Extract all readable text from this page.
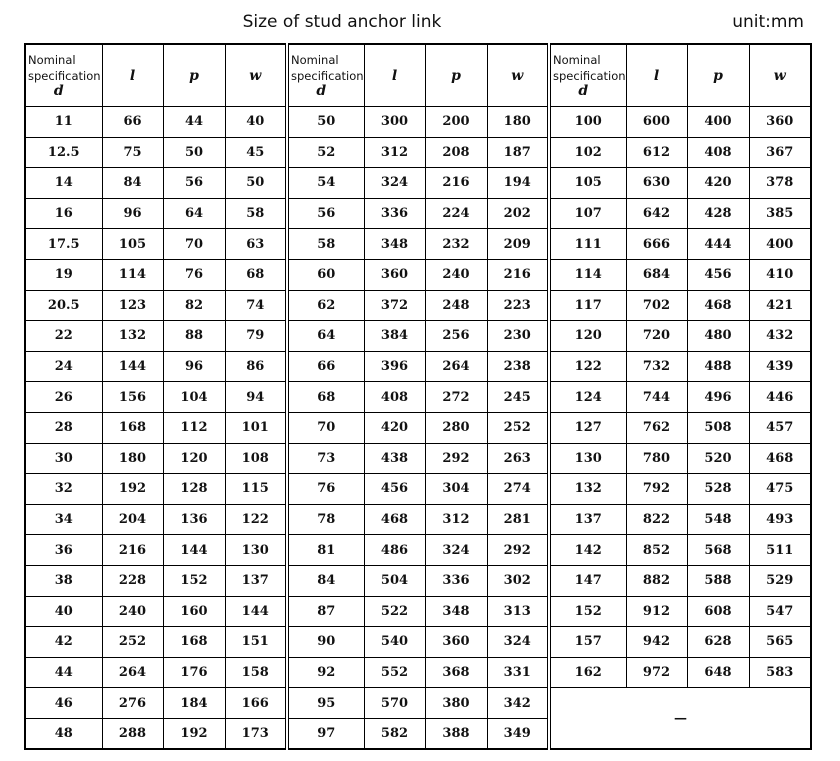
Size of stud anchor link	unit:mm
Nominal
specification
d	l	p	w	Nominal
specification
d	l	p	w	Nominal
specification
d	l	p	w
11	66	44	40	50	300	200	180	100	600	400	360
12.5	75	50	45	52	312	208	187	102	612	408	367
14	84	56	50	54	324	216	194	105	630	420	378
16	96	64	58	56	336	224	202	107	642	428	385
17.5	105	70	63	58	348	232	209	111	666	444	400
19	114	76	68	60	360	240	216	114	684	456	410
20.5	123	82	74	62	372	248	223	117	702	468	421
22	132	88	79	64	384	256	230	120	720	480	432
24	144	96	86	66	396	264	238	122	732	488	439
26	156	104	94	68	408	272	245	124	744	496	446
28	168	112	101	70	420	280	252	127	762	508	457
30	180	120	108	73	438	292	263	130	780	520	468
32	192	128	115	76	456	304	274	132	792	528	475
34	204	136	122	78	468	312	281	137	822	548	493
36	216	144	130	81	486	324	292	142	852	568	511
38	228	152	137	84	504	336	302	147	882	588	529
40	240	160	144	87	522	348	313	152	912	608	547
42	252	168	151	90	540	360	324	157	942	628	565
44	264	176	158	92	552	368	331	162	972	648	583
46	276	184	166	95	570	380	342	—			
48	288	192	173	97	582	388	349				
